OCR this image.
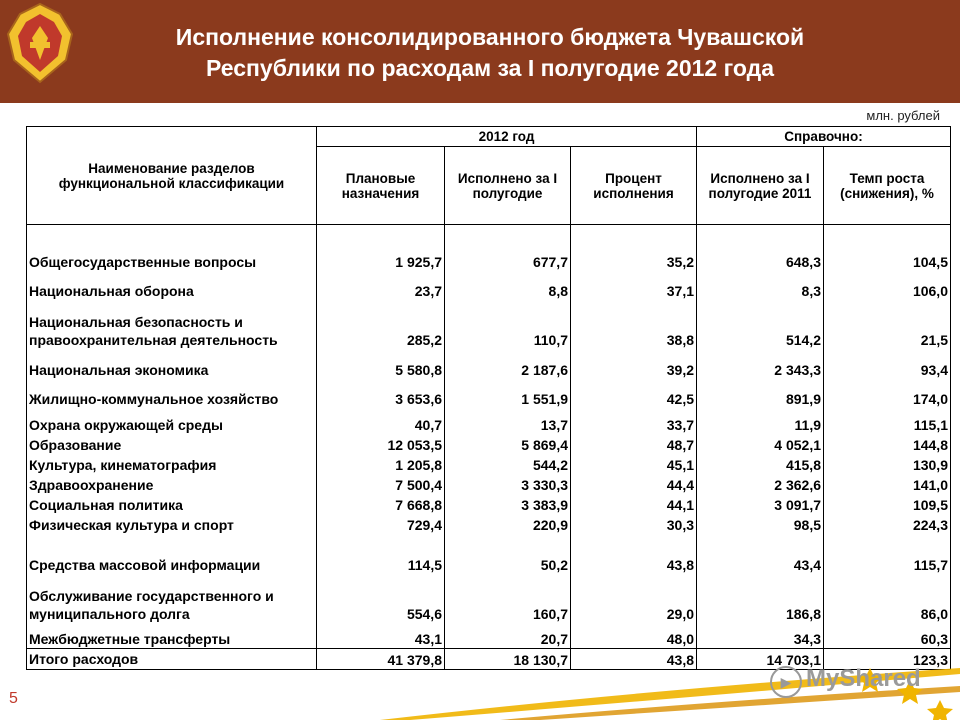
Исполнение консолидированного бюджета Чувашской
Республики по расходам за I полугодие 2012 года
млн. рублей
Наименование разделов функциональной классификации	2012 год			Справочно:	
	Плановые назначения	Исполнено за I полугодие	Процент исполнения	Исполнено за I полугодие 2011	Темп роста (снижения), %
Общегосударственные вопросы	1 925,7	677,7	35,2	648,3	104,5
Национальная оборона	23,7	8,8	37,1	8,3	106,0
Национальная безопасность и правоохранительная деятельность	285,2	110,7	38,8	514,2	21,5
Национальная экономика	5 580,8	2 187,6	39,2	2 343,3	93,4
Жилищно-коммунальное хозяйство	3 653,6	1 551,9	42,5	891,9	174,0
Охрана окружающей среды	40,7	13,7	33,7	11,9	115,1
Образование	12 053,5	5 869,4	48,7	4 052,1	144,8
Культура, кинематография	1 205,8	544,2	45,1	415,8	130,9
Здравоохранение	7 500,4	3 330,3	44,4	2 362,6	141,0
Социальная политика	7 668,8	3 383,9	44,1	3 091,7	109,5
Физическая культура и спорт	729,4	220,9	30,3	98,5	224,3
Средства массовой информации	114,5	50,2	43,8	43,4	115,7
Обслуживание государственного и муниципального долга	554,6	160,7	29,0	186,8	86,0
Межбюджетные трансферты	43,1	20,7	48,0	34,3	60,3
Итого расходов	41 379,8	18 130,7	43,8	14 703,1	123,3
5
▶ MyShared
